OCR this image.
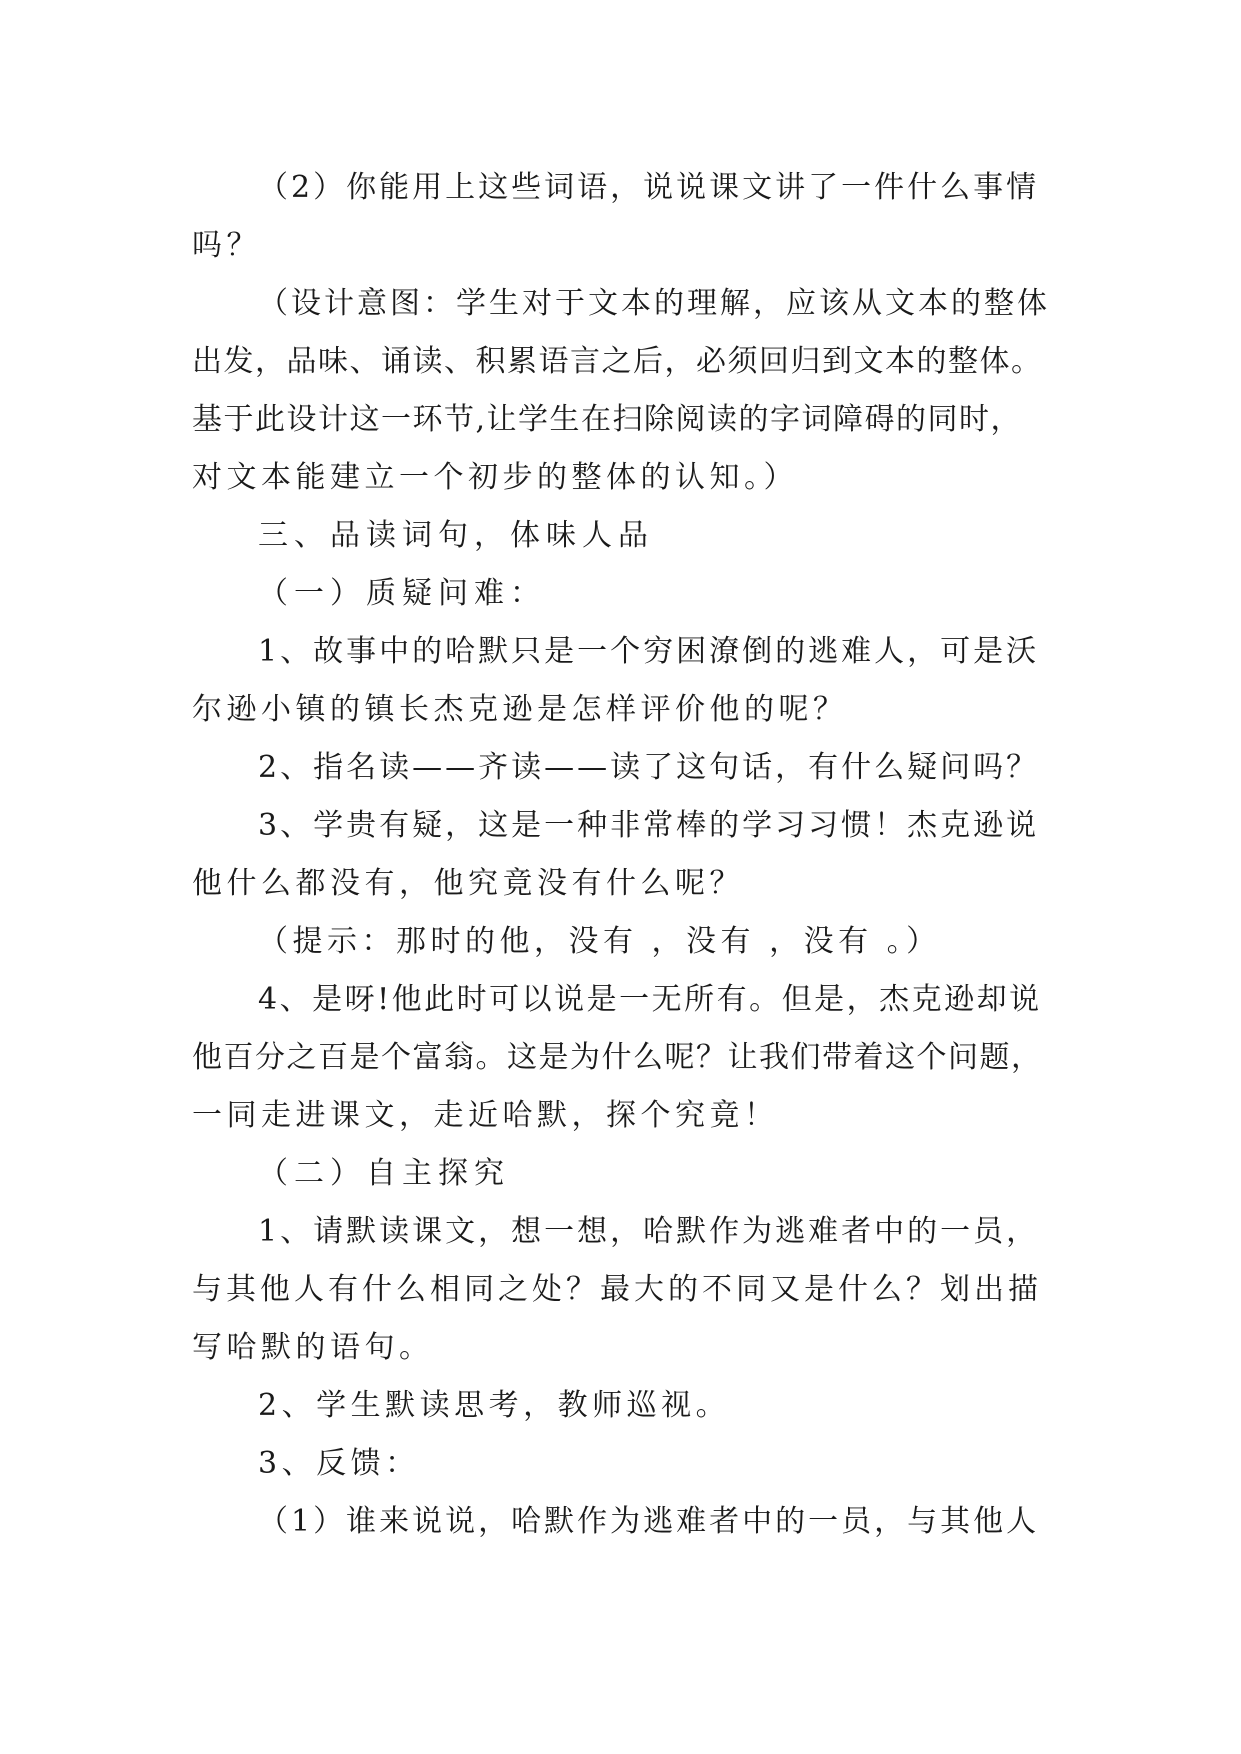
（2）你能用上这些词语，说说课文讲了一件什么事情
吗？
（设计意图：学生对于文本的理解，应该从文本的整体
出发，品味、诵读、积累语言之后，必须回归到文本的整体。
基于此设计这一环节,让学生在扫除阅读的字词障碍的同时，
对文本能建立一个初步的整体的认知。）
三、品读词句，体味人品
（一）质疑问难：
1、故事中的哈默只是一个穷困潦倒的逃难人，可是沃
尔逊小镇的镇长杰克逊是怎样评价他的呢？
2、指名读——齐读——读了这句话，有什么疑问吗？
3、学贵有疑，这是一种非常棒的学习习惯！杰克逊说
他什么都没有，他究竟没有什么呢？
（提示：那时的他，没有 ，没有 ，没有 。）
4、是呀!他此时可以说是一无所有。但是，杰克逊却说
他百分之百是个富翁。这是为什么呢？让我们带着这个问题，
一同走进课文，走近哈默，探个究竟！
（二）自主探究
1、请默读课文，想一想，哈默作为逃难者中的一员，
与其他人有什么相同之处？最大的不同又是什么？划出描
写哈默的语句。
2、学生默读思考，教师巡视。
3、反馈：
（1）谁来说说，哈默作为逃难者中的一员，与其他人
